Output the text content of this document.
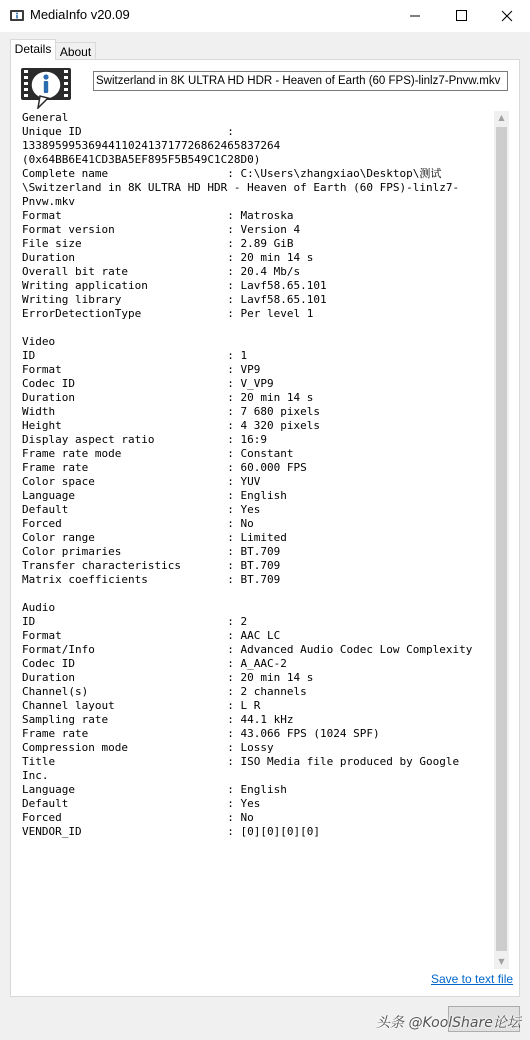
MediaInfo v20.09
Details About
Switzerland in 8K ULTRA HD HDR - Heaven of Earth (60 FPS)-linlz7-Pnvw.mkv
General
Unique ID                      :
133895995369441102413717726862465837264
(0x64BB6E41CD3BA5EF895F5B549C1C28D0)
Complete name                  : C:\Users\zhangxiao\Desktop\测试
\Switzerland in 8K ULTRA HD HDR - Heaven of Earth (60 FPS)-linlz7-
Pnvw.mkv
Format                         : Matroska
Format version                 : Version 4
File size                      : 2.89 GiB
Duration                       : 20 min 14 s
Overall bit rate               : 20.4 Mb/s
Writing application            : Lavf58.65.101
Writing library                : Lavf58.65.101
ErrorDetectionType             : Per level 1

Video
ID                             : 1
Format                         : VP9
Codec ID                       : V_VP9
Duration                       : 20 min 14 s
Width                          : 7 680 pixels
Height                         : 4 320 pixels
Display aspect ratio           : 16:9
Frame rate mode                : Constant
Frame rate                     : 60.000 FPS
Color space                    : YUV
Language                       : English
Default                        : Yes
Forced                         : No
Color range                    : Limited
Color primaries                : BT.709
Transfer characteristics       : BT.709
Matrix coefficients            : BT.709

Audio
ID                             : 2
Format                         : AAC LC
Format/Info                    : Advanced Audio Codec Low Complexity
Codec ID                       : A_AAC-2
Duration                       : 20 min 14 s
Channel(s)                     : 2 channels
Channel layout                 : L R
Sampling rate                  : 44.1 kHz
Frame rate                     : 43.066 FPS (1024 SPF)
Compression mode               : Lossy
Title                          : ISO Media file produced by Google
Inc.
Language                       : English
Default                        : Yes
Forced                         : No
VENDOR_ID                      : [0][0][0][0]

▲
▼
Save to text file
头条 @KoolShare论坛
